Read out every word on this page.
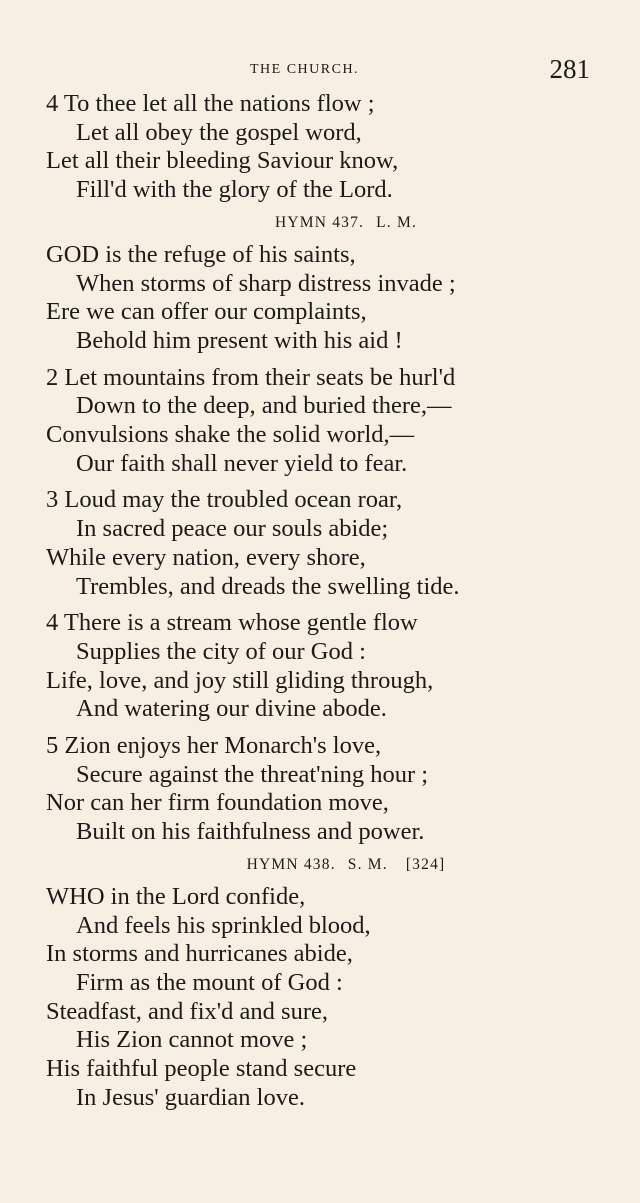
THE CHURCH.	281
4 To thee let all the nations flow ;
Let all obey the gospel word,
Let all their bleeding Saviour know,
Fill'd with the glory of the Lord.
HYMN 437. L. M.
GOD is the refuge of his saints,
When storms of sharp distress invade ;
Ere we can offer our complaints,
Behold him present with his aid !
2 Let mountains from their seats be hurl'd
Down to the deep, and buried there,—
Convulsions shake the solid world,—
Our faith shall never yield to fear.
3 Loud may the troubled ocean roar,
In sacred peace our souls abide;
While every nation, every shore,
Trembles, and dreads the swelling tide.
4 There is a stream whose gentle flow
Supplies the city of our God :
Life, love, and joy still gliding through,
And watering our divine abode.
5 Zion enjoys her Monarch's love,
Secure against the threat'ning hour ;
Nor can her firm foundation move,
Built on his faithfulness and power.
HYMN 438. S. M. [324]
WHO in the Lord confide,
And feels his sprinkled blood,
In storms and hurricanes abide,
Firm as the mount of God :
Steadfast, and fix'd and sure,
His Zion cannot move ;
His faithful people stand secure
In Jesus' guardian love.
